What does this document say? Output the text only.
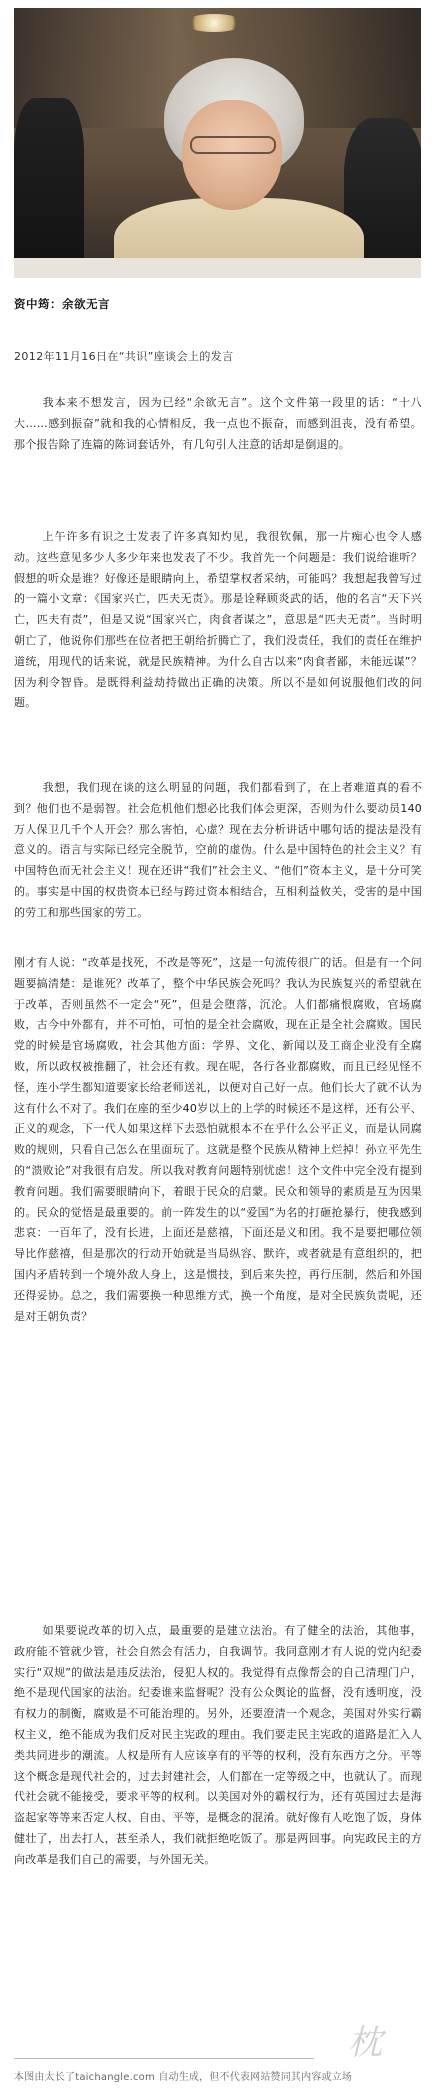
资中筠：余欲无言
2012年11月16日在“共识”座谈会上的发言

我本来不想发言，因为已经“余欲无言”。这个文件第一段里的话：“十八大……感到振奋”就和我的心情相反，我一点也不振奋，而感到沮丧，没有希望。那个报告除了连篇的陈词套话外，有几句引人注意的话却是倒退的。

上午许多有识之士发表了许多真知灼见，我很钦佩，那一片痴心也令人感动。这些意见多少人多少年来也发表了不少。我首先一个问题是：我们说给谁听？假想的听众是谁？好像还是眼睛向上，希望掌权者采纳，可能吗？我想起我曾写过的一篇小文章：《国家兴亡，匹夫无责》。那是诠释顾炎武的话，他的名言“天下兴亡，匹夫有责”，但是又说“国家兴亡，肉食者谋之”，意思是“匹夫无责”。当时明朝亡了，他说你们那些在位者把王朝给折腾亡了，我们没责任，我们的责任在维护道统，用现代的话来说，就是民族精神。为什么自古以来“肉食者鄙，未能远谋”？因为利令智昏。是既得利益劫持做出正确的决策。所以不是如何说服他们改的问题。

我想，我们现在谈的这么明显的问题，我们都看到了，在上者难道真的看不到？他们也不是弱智。社会危机他们想必比我们体会更深，否则为什么要动员140万人保卫几千个人开会？那么害怕，心虚？现在去分析讲话中哪句话的提法是没有意义的。语言与实际已经完全脱节，空前的虚伪。什么是中国特色的社会主义？有中国特色而无社会主义！现在还讲“我们”社会主义、“他们”资本主义，是十分可笑的。事实是中国的权贵资本已经与跨过资本相结合，互相利益攸关，受害的是中国的劳工和那些国家的劳工。

刚才有人说：“改革是找死，不改是等死”，这是一句流传很广的话。但是有一个问题要搞清楚：是谁死？改革了，整个中华民族会死吗？我认为民族复兴的希望就在于改革，否则虽然不一定会“死”，但是会堕落，沉沦。人们都痛恨腐败，官场腐败，古今中外都有，并不可怕，可怕的是全社会腐败，现在正是全社会腐败。国民党的时候是官场腐败，社会其他方面：学界、文化、新闻以及工商企业没有全腐败，所以政权被推翻了，社会还有救。现在呢，各行各业都腐败，而且已经见怪不怪，连小学生都知道要家长给老师送礼，以便对自己好一点。他们长大了就不认为这有什么不对了。我们在座的至少40岁以上的上学的时候还不是这样，还有公平、正义的观念，下一代人如果这样下去恐怕就根本不在乎什么公平正义，而是认同腐败的规则，只看自己怎么在里面玩了。这就是整个民族从精神上烂掉！孙立平先生的“溃败论”对我很有启发。所以我对教育问题特别忧虑！这个文件中完全没有提到教育问题。我们需要眼睛向下，着眼于民众的启蒙。民众和领导的素质是互为因果的。民众的觉悟是最重要的。前一阵发生的以“爱国”为名的打砸抢暴行，使我感到悲哀：一百年了，没有长进，上面还是慈禧，下面还是义和团。我不是要把哪位领导比作慈禧，但是那次的行动开始就是当局纵容、默许，或者就是有意组织的，把国内矛盾转到一个境外敌人身上，这是惯技，到后来失控，再行压制，然后和外国还得妥协。总之，我们需要换一种思维方式，换一个角度，是对全民族负责呢，还是对王朝负责？

如果要说改革的切入点，最重要的是建立法治。有了健全的法治，其他事，政府能不管就少管，社会自然会有活力，自我调节。我同意刚才有人说的党内纪委实行“双规”的做法是违反法治，侵犯人权的。我觉得有点像帮会的自己清理门户，绝不是现代国家的法治。纪委谁来监督呢？没有公众舆论的监督，没有透明度，没有权力的制衡，腐败是不可能治理的。另外，还要澄清一个观念，美国对外实行霸权主义，绝不能成为我们反对民主宪政的理由。我们要走民主宪政的道路是汇入人类共同进步的潮流。人权是所有人应该享有的平等的权利，没有东西方之分。平等这个概念是现代社会的，过去封建社会，人们都在一定等级之中，也就认了。而现代社会就不能接受，要求平等的权利。以美国对外的霸权行为，还有英国过去是海盗起家等等来否定人权、自由、平等，是概念的混淆。就好像有人吃饱了饭，身体健壮了，出去打人，甚至杀人，我们就拒绝吃饭了。那是两回事。向宪政民主的方向改革是我们自己的需要，与外国无关。

本图由太长了taichangle.com 自动生成，但不代表网站赞同其内容或立场
枕
